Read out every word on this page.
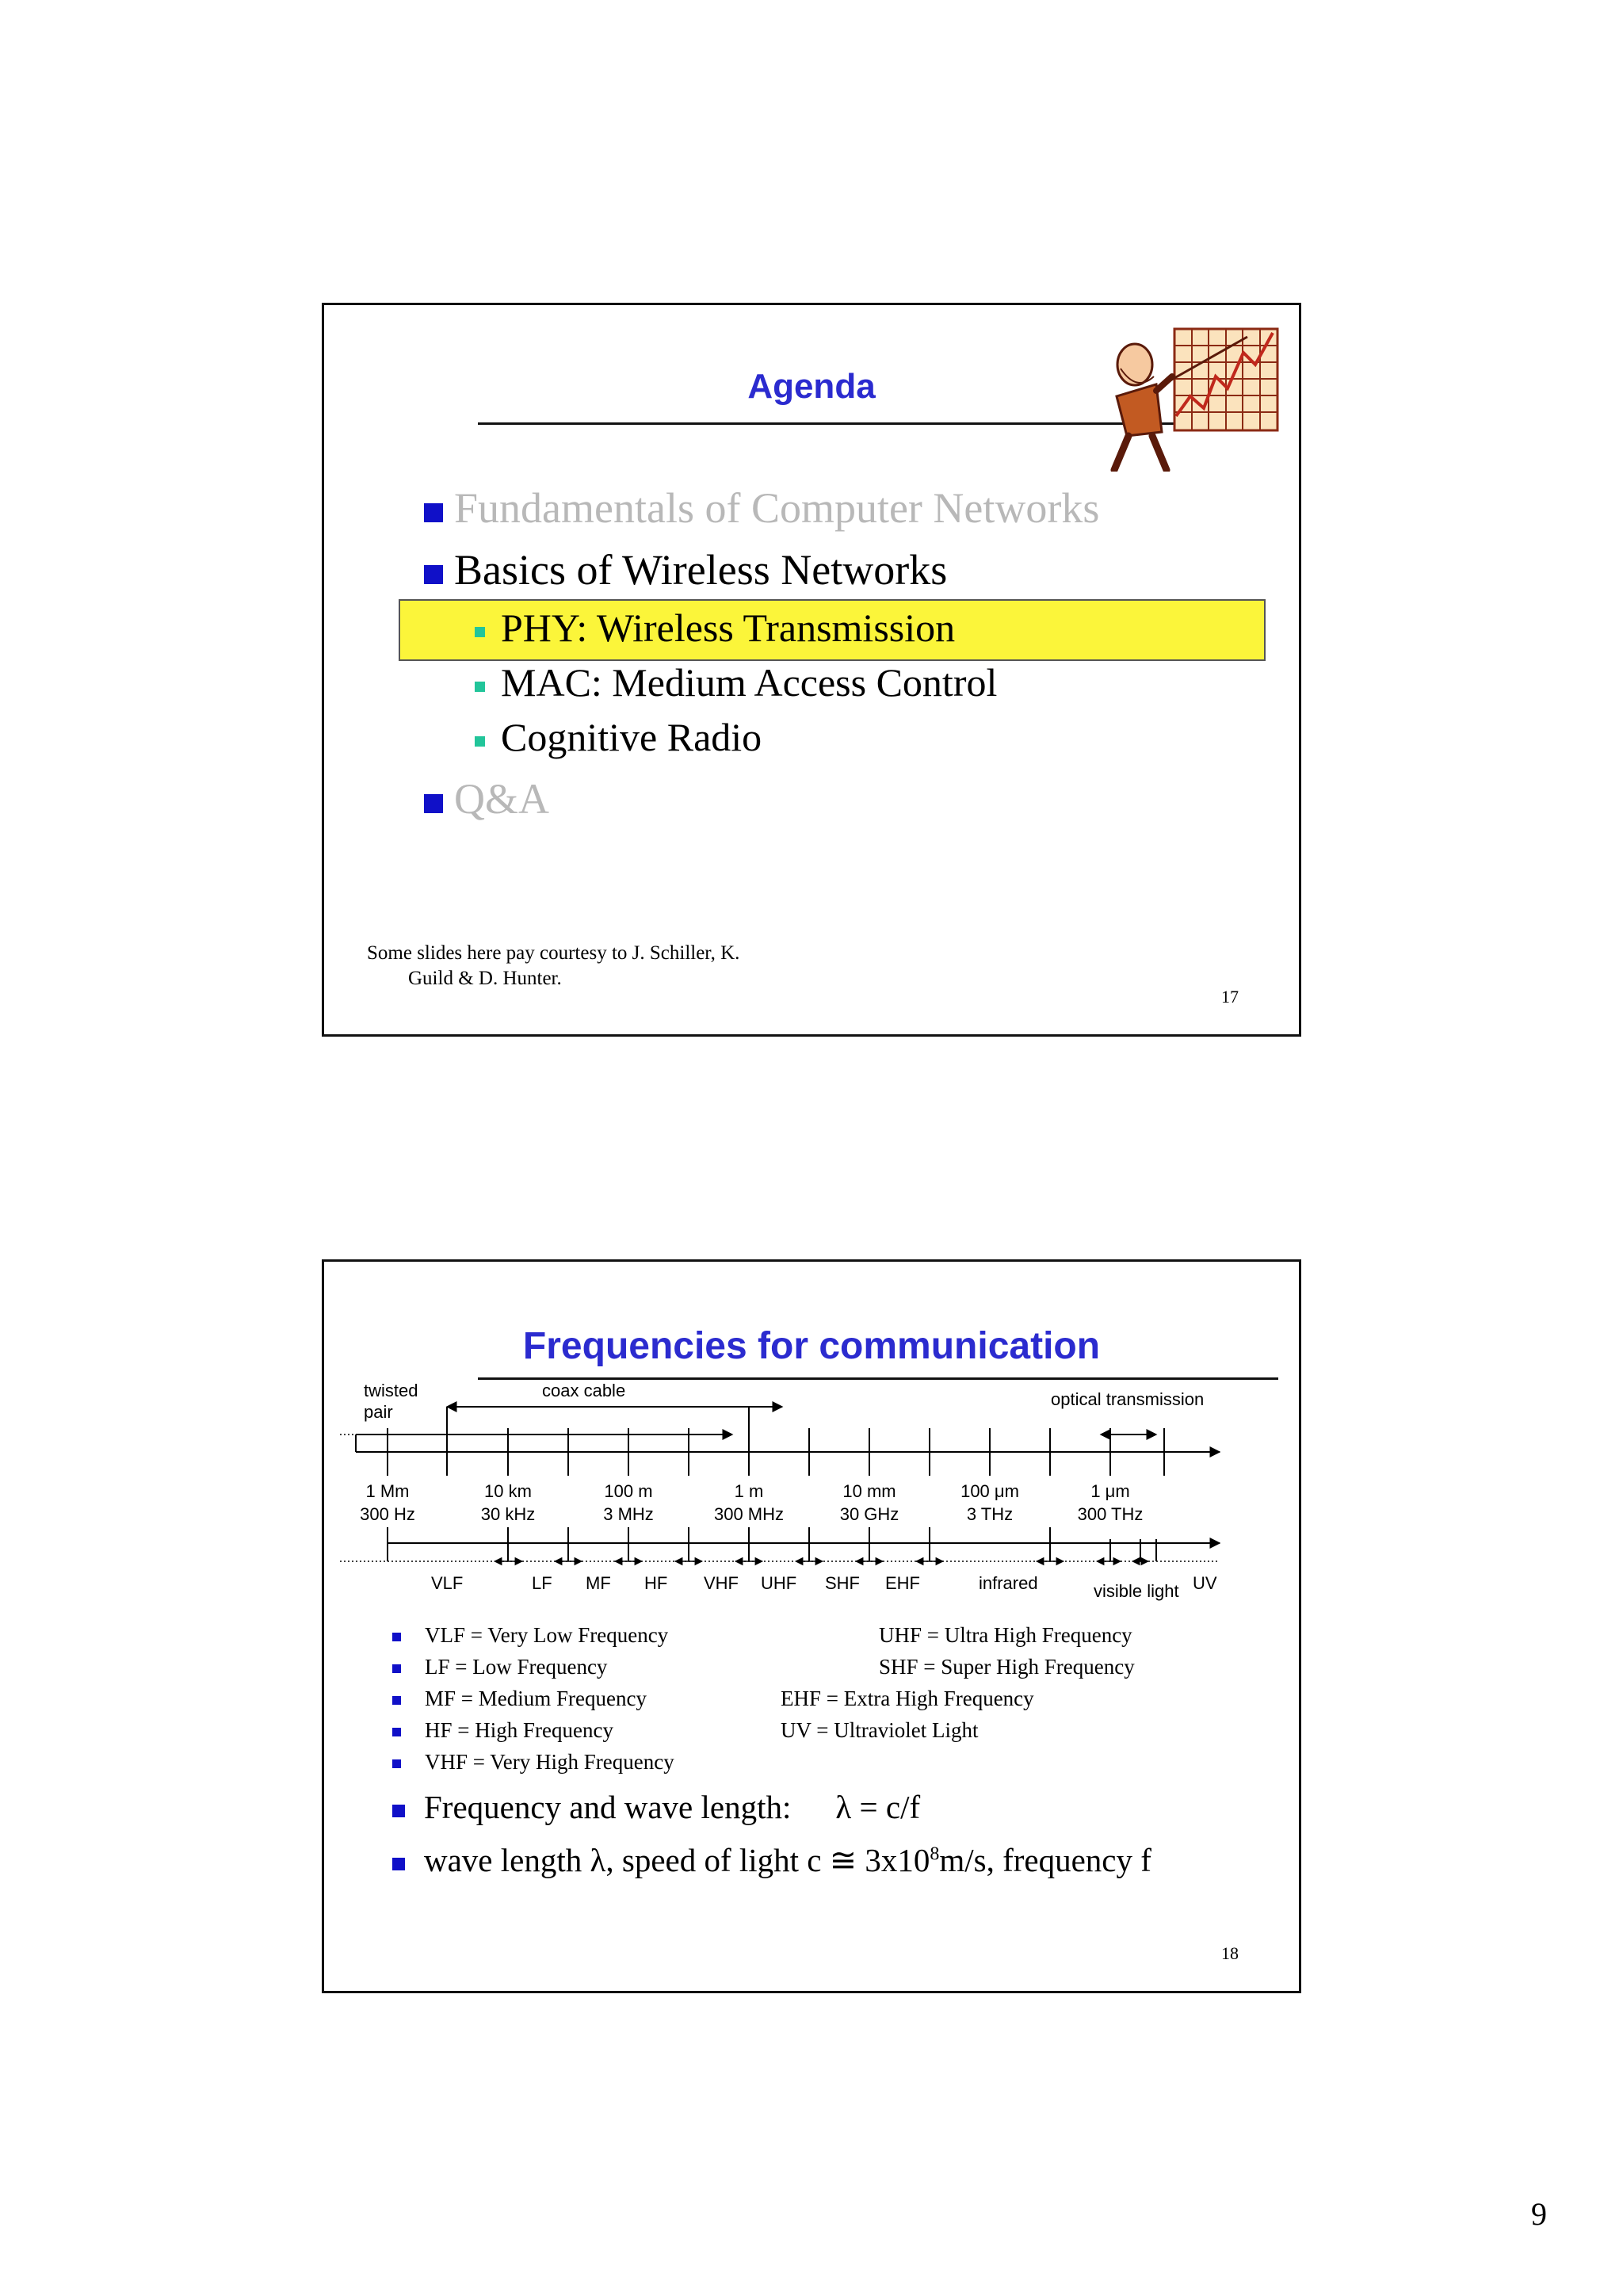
Agenda
Fundamentals of Computer Networks
Basics of Wireless Networks
PHY: Wireless Transmission
MAC: Medium Access Control
Cognitive Radio
Q&A
Some slides here pay courtesy to J. Schiller, K.
Guild & D. Hunter.
17
Frequencies for communication
twisted
pair
coax cable	optical transmission
1 Mm	10 km	100 m	1 m	10 mm	100 μm	1 μm
300 Hz	30 kHz	3 MHz	300 MHz	30 GHz	3 THz	300 THz
VLF	LF MF HF VHF UHF SHF EHF	infrared	visible light UV
VLF = Very Low Frequency
LF = Low Frequency
MF = Medium Frequency
HF = High Frequency
VHF = Very High Frequency
UHF = Ultra High Frequency
SHF = Super High Frequency
EHF = Extra High Frequency
UV = Ultraviolet Light
Frequency and wave length: λ = c/f
wave length λ, speed of light c ≅ $3x10^8m/s$, frequency f
18
9
